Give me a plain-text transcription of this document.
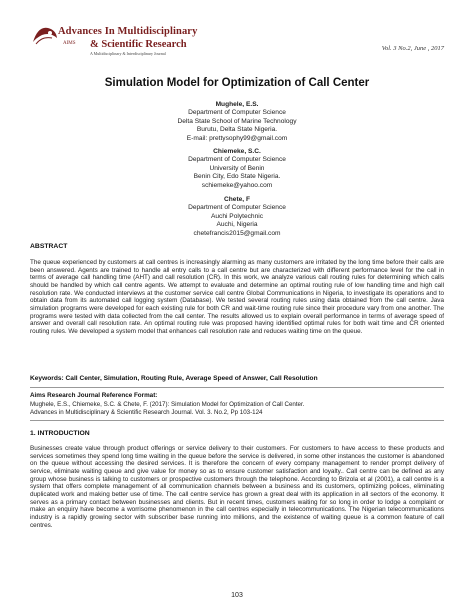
Advances In Multidisciplinary
AIMS & Scientific Research
A Multidisciplinary & Interdisciplinary Journal
Vol. 3 No.2, June , 2017
Simulation Model for Optimization of Call Center
Mughele, E.S.
Department of Computer Science
Delta State School of Marine Technology
Burutu, Delta State Nigeria.
E-mail: prettysophy99@gmail.com
Chiemeke, S.C.
Department of Computer Science
University of Benin
Benin City, Edo State Nigeria.
schiemeke@yahoo.com
Chete, F
Department of Computer Science
Auchi Polytechnic
Auchi, Nigeria
chetefrancis2015@gmail.com
ABSTRACT
The queue experienced by customers at call centres is increasingly alarming as many customers are irritated by the long time before their calls are been answered. Agents are trained to handle all entry calls to a call centre but are characterized with different performance level for the call in terms of average call handling time (AHT) and call resolution (CR). In this work, we analyze various call routing rules for determining which calls should be handled by which call centre agents. We attempt to evaluate and determine an optimal routing rule of low handling time and high call resolution rate. We conducted interviews at the customer service call centre Global Communications in Nigeria, to investigate its operations and to obtain data from its automated call logging system (Database). We tested several routing rules using data obtained from the call centre. Java simulation programs were developed for each existing rule for both CR and wait-time routing rule since their procedure vary from one another. The programs were tested with data collected from the call center. The results allowed us to explain overall performance in terms of average speed of answer and overall call resolution rate. An optimal routing rule was proposed having identified optimal rules for both wait time and CR oriented routing rules. We developed a system model that enhances call resolution rate and reduces waiting time on the queue.
Keywords: Call Center, Simulation, Routing Rule, Average Speed of Answer, Call Resolution
Aims Research Journal Reference Format:
Mughele, E.S., Chiemeke, S.C. & Chete, F. (2017): Simulation Model for Optimization of Call Center.
Advances in Multidisciplinary & Scientific Research Journal. Vol. 3. No.2, Pp 103-124
1. INTRODUCTION
Businesses create value through product offerings or service delivery to their customers. For customers to have access to these products and services sometimes they spend long time waiting in the queue before the service is delivered, in some other instances the customer is abandoned on the queue without accessing the desired services. It is therefore the concern of every company management to render prompt delivery of service, eliminate waiting queue and give value for money so as to ensure customer satisfaction and loyalty.. Call centre can be defined as any group whose business is talking to customers or prospective customers through the telephone. According to Brizola et al (2001), a call centre is a system that offers complete management of all communication channels between a business and its customers, optimizing polices, eliminating duplicated work and making better use of time. The call centre service has grown a great deal with its application in all sectors of the economy. It serves as a primary contact between businesses and clients. But in recent times, customers waiting for so long in order to lodge a complaint or make an enquiry have become a worrisome phenomenon in the call centres especially in telecommunications. The Nigerian telecommunications industry is a rapidly growing sector with subscriber base running into millions, and the existence of waiting queue is a common feature of call centres.
103
